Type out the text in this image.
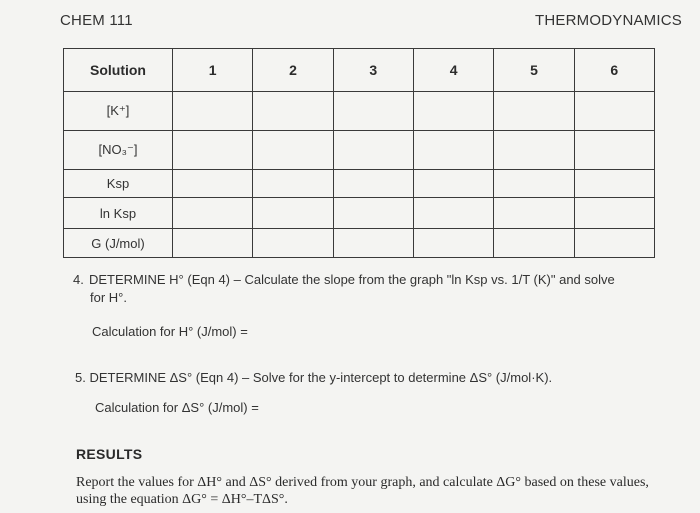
CHEM 111	THERMODYNAMICS
Solution	1	2	3	4	5	6
[K⁺]						
[NO₃⁻]						
Ksp						
ln Ksp						
G (J/mol)						
4. DETERMINE H° (Eqn 4) – Calculate the slope from the graph "ln Ksp vs. 1/T (K)" and solve
for H°.
Calculation for H° (J/mol) =
5. DETERMINE ΔS° (Eqn 4) – Solve for the y-intercept to determine ΔS° (J/mol·K).
Calculation for ΔS° (J/mol) =
RESULTS
Report the values for ΔH° and ΔS° derived from your graph, and calculate ΔG° based on these values, using the equation ΔG° = ΔH°–TΔS°.
